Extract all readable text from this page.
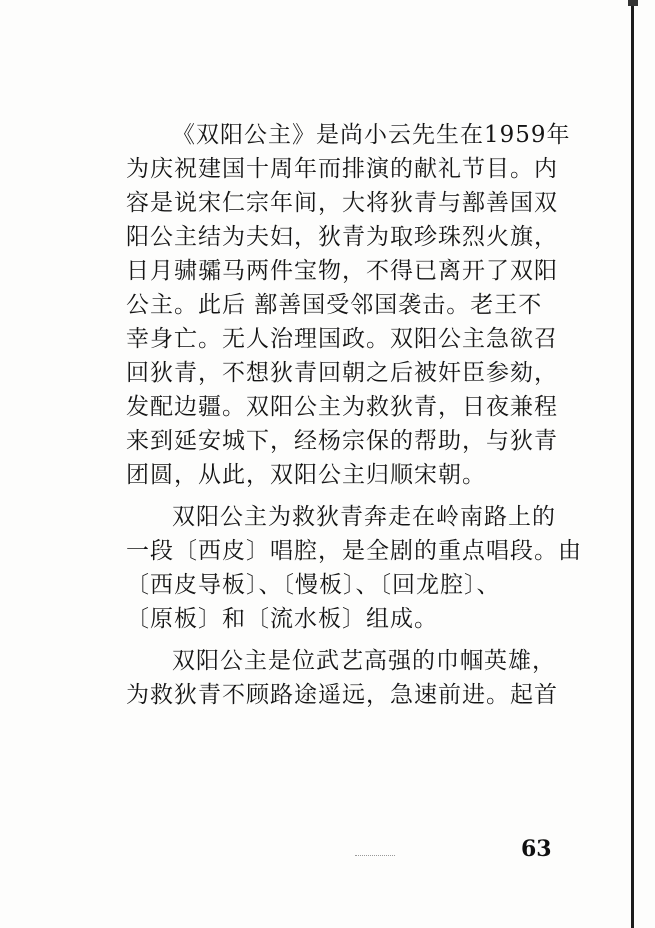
《双阳公主》是尚小云先生在1959年
为庆祝建国十周年而排演的献礼节目。内
容是说宋仁宗年间，大将狄青与鄯善国双
阳公主结为夫妇，狄青为取珍珠烈火旗，
日月骕骦马两件宝物，不得已离开了双阳
公主。此后 鄯善国受邻国袭击。老王不
幸身亡。无人治理国政。双阳公主急欲召
回狄青，不想狄青回朝之后被奸臣参劾，
发配边疆。双阳公主为救狄青，日夜兼程
来到延安城下，经杨宗保的帮助，与狄青
团圆，从此，双阳公主归顺宋朝。
双阳公主为救狄青奔走在岭南路上的
一段〔西皮〕唱腔，是全剧的重点唱段。由
〔西皮导板〕、〔慢板〕、〔回龙腔〕、
〔原板〕和〔流水板〕组成。
双阳公主是位武艺高强的巾帼英雄，
为救狄青不顾路途遥远，急速前进。起首
63
